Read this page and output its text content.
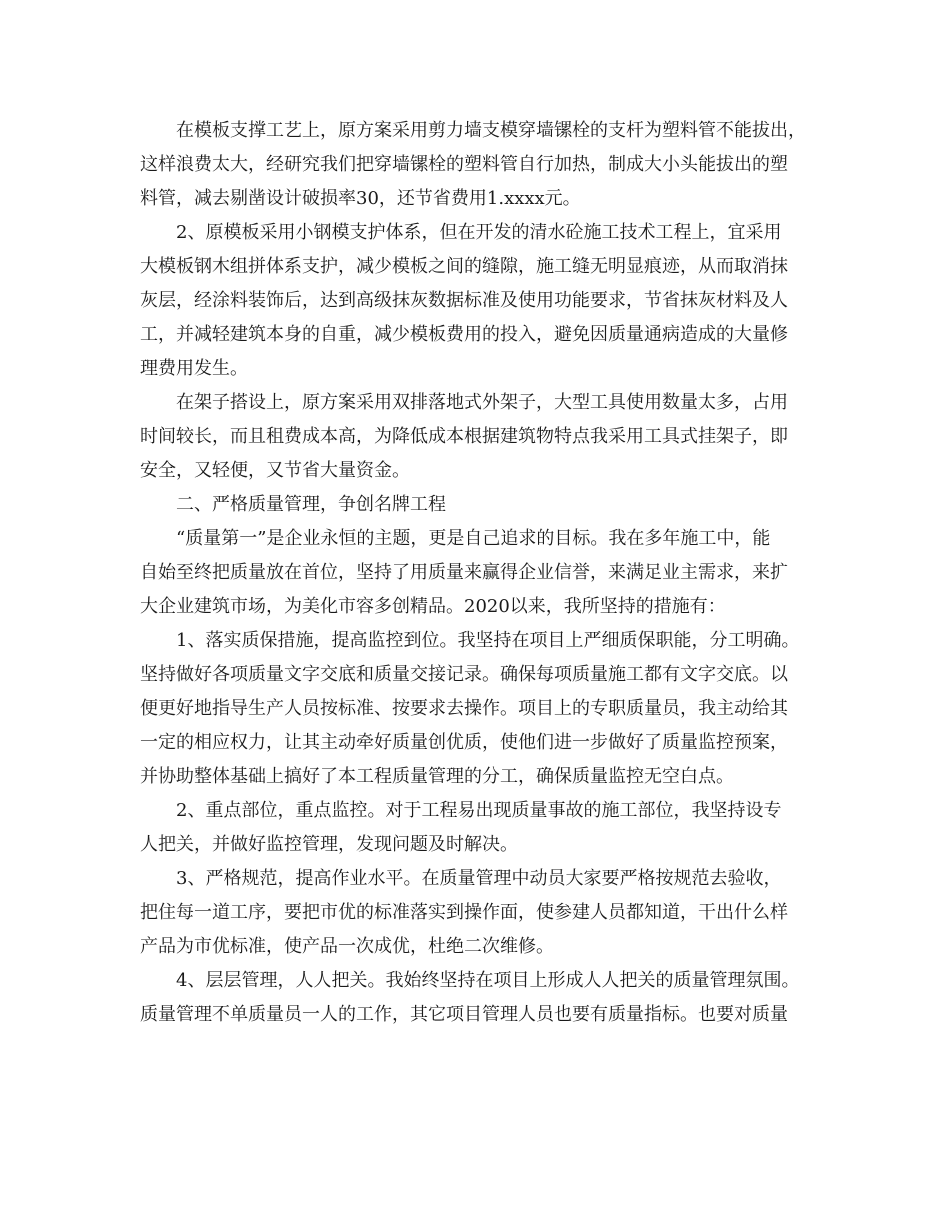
在模板支撑工艺上，原方案采用剪力墙支模穿墙镙栓的支杆为塑料管不能拔出，
这样浪费太大，经研究我们把穿墙镙栓的塑料管自行加热，制成大小头能拔出的塑
料管，减去剔凿设计破损率30，还节省费用1.xxxx元。
2、原模板采用小钢模支护体系，但在开发的清水砼施工技术工程上，宜采用
大模板钢木组拼体系支护，减少模板之间的缝隙，施工缝无明显痕迹，从而取消抹
灰层，经涂料装饰后，达到高级抹灰数据标准及使用功能要求，节省抹灰材料及人
工，并减轻建筑本身的自重，减少模板费用的投入，避免因质量通病造成的大量修
理费用发生。
在架子搭设上，原方案采用双排落地式外架子，大型工具使用数量太多，占用
时间较长，而且租费成本高，为降低成本根据建筑物特点我采用工具式挂架子，即
安全，又轻便，又节省大量资金。
二、严格质量管理，争创名牌工程
“质量第一”是企业永恒的主题，更是自己追求的目标。我在多年施工中，能
自始至终把质量放在首位，坚持了用质量来赢得企业信誉，来满足业主需求，来扩
大企业建筑市场，为美化市容多创精品。2020以来，我所坚持的措施有：
1、落实质保措施，提高监控到位。我坚持在项目上严细质保职能，分工明确。
坚持做好各项质量文字交底和质量交接记录。确保每项质量施工都有文字交底。以
便更好地指导生产人员按标准、按要求去操作。项目上的专职质量员，我主动给其
一定的相应权力，让其主动牵好质量创优质，使他们进一步做好了质量监控预案，
并协助整体基础上搞好了本工程质量管理的分工，确保质量监控无空白点。
2、重点部位，重点监控。对于工程易出现质量事故的施工部位，我坚持设专
人把关，并做好监控管理，发现问题及时解决。
3、严格规范，提高作业水平。在质量管理中动员大家要严格按规范去验收，
把住每一道工序，要把市优的标准落实到操作面，使参建人员都知道，干出什么样
产品为市优标准，使产品一次成优，杜绝二次维修。
4、层层管理，人人把关。我始终坚持在项目上形成人人把关的质量管理氛围。
质量管理不单质量员一人的工作，其它项目管理人员也要有质量指标。也要对质量
